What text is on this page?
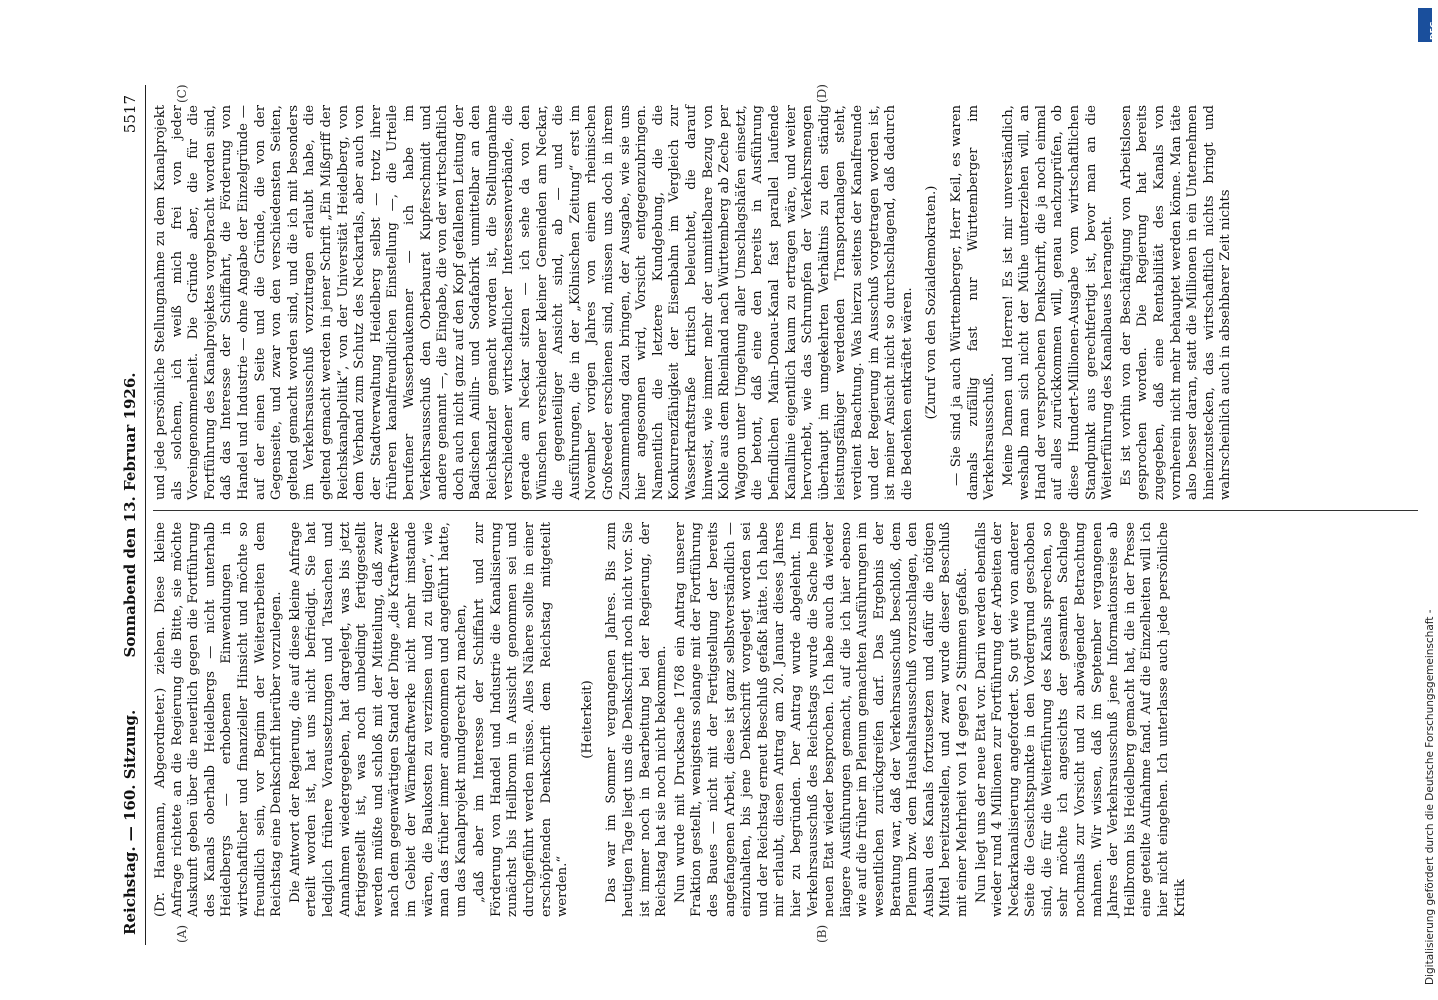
Reichstag. — 160. Sitzung.
Sonnabend den 13. Februar 1926.
5517
(A)	(B)
(C)	(D)

(Dr. Hanemann, Abgeordneter.) ziehen. Diese kleine Anfrage richtete an die Regierung die Bitte, sie möchte Auskunft geben über die neuerlich gegen die Fortführung des Kanals oberhalb Heidelbergs — nicht unterhalb Heidelbergs — erhobenen Einwendungen in wirtschaftlicher und finanzieller Hinsicht und möchte so freundlich sein, vor Beginn der Weiterarbeiten dem Reichstag eine Denkschrift hierüber vorzulegen. Die Antwort der Regierung, die auf diese kleine Anfrage erteilt worden ist, hat uns nicht befriedigt. Sie hat lediglich frühere Voraussetzungen und Tatsachen und Annahmen wiedergegeben, hat dargelegt, was bis jetzt fertiggestellt ist, was noch unbedingt fertiggestellt werden müßte und schloß mit der Mitteilung, daß zwar nach dem gegenwärtigen Stand der Dinge „die Kraftwerke im Gebiet der Wärmekraftwerke nicht mehr imstande wären, die Baukosten zu verzinsen und zu tilgen“, wie man das früher immer angenommen und angeführt hatte, um das Kanalprojekt mundgerecht zu machen, „daß aber im Interesse der Schiffahrt und zur Förderung von Handel und Industrie die Kanalisierung zunächst bis Heilbronn in Aussicht genommen sei und durchgeführt werden müsse. Alles Nähere sollte in einer erschöpfenden Denkschrift dem Reichstag mitgeteilt werden.“

(Heiterkeit) Das war im Sommer vergangenen Jahres. Bis zum heutigen Tage liegt uns die Denkschrift noch nicht vor. Sie ist immer noch in Bearbeitung bei der Regierung, der Reichstag hat sie noch nicht bekommen. Nun wurde mit Drucksache 1768 ein Antrag unserer Fraktion gestellt, wenigstens solange mit der Fortführung des Baues — nicht mit der Fertigstellung der bereits angefangenen Arbeit, diese ist ganz selbstverständlich — einzuhalten, bis jene Denkschrift vorgelegt worden sei und der Reichstag erneut Beschluß gefaßt hätte. Ich habe mir erlaubt, diesen Antrag am 20. Januar dieses Jahres hier zu begründen. Der Antrag wurde abgelehnt. Im Verkehrsausschuß des Reichstags wurde die Sache beim neuen Etat wieder besprochen. Ich habe auch da wieder längere Ausführungen gemacht, auf die ich hier ebenso wie auf die früher im Plenum gemachten Ausführungen im wesentlichen zurückgreifen darf. Das Ergebnis der Beratung war, daß der Verkehrsausschuß beschloß, dem Plenum bzw. dem Haushaltsausschuß vorzuschlagen, den Ausbau des Kanals fortzusetzen und dafür die nötigen Mittel bereitzustellen, und zwar wurde dieser Beschluß mit einer Mehrheit von 14 gegen 2 Stimmen gefaßt. Nun liegt uns der neue Etat vor. Darin werden ebenfalls wieder rund 4 Millionen zur Fortführung der Arbeiten der Neckarkanalisierung angefordert. So gut wie von anderer Seite die Gesichtspunkte in den Vordergrund geschoben sind, die für die Weiterführung des Kanals sprechen, so sehr möchte ich angesichts der gesamten Sachlage nochmals zur Vorsicht und zu abwägender Betrachtung mahnen. Wir wissen, daß im September vergangenen Jahres der Verkehrsausschuß jene Informationsreise ab Heilbronn bis Heidelberg gemacht hat, die in der Presse eine geteilte Aufnahme fand. Auf die Einzelheiten will ich hier nicht eingehen. Ich unterlasse auch jede persönliche Kritik

und jede persönliche Stellungnahme zu dem Kanalprojekt als solchem, ich weiß mich frei von jeder Voreingenommenheit. Die Gründe aber, die für die Fortführung des Kanalprojektes vorgebracht worden sind, daß das Interesse der Schiffahrt, die Förderung von Handel und Industrie — ohne Angabe der Einzelgründe — auf der einen Seite und die Gründe, die von der Gegenseite, und zwar von den verschiedensten Seiten, geltend gemacht worden sind, und die ich mit besonders im Verkehrsausschuß vorzutragen erlaubt habe, die geltend gemacht werden in jener Schrift „Ein Mißgriff der Reichskanalpolitik“, von der Universität Heidelberg, von dem Verband zum Schutz des Neckartals, aber auch von der Stadtverwaltung Heidelberg selbst — trotz ihrer früheren kanalfreundlichen Einstellung —, die Urteile berufener Wasserbaukenner — ich habe im Verkehrsausschuß den Oberbaurat Kupferschmidt und andere genannt —, die Eingabe, die von der wirtschaftlich doch auch nicht ganz auf den Kopf gefallenen Leitung der Badischen Anilin- und Sodafabrik unmittelbar an den Reichskanzler gemacht worden ist, die Stellungnahme verschiedener wirtschaftlicher Interessenverbände, die gerade am Neckar sitzen — ich sehe da von den Wünschen verschiedener kleiner Gemeinden am Neckar, die gegenteiliger Ansicht sind, ab — und die Ausführungen, die in der „Kölnischen Zeitung“ erst im November vorigen Jahres von einem rheinischen Großreeder erschienen sind, müssen uns doch in ihrem Zusammenhang dazu bringen, der Ausgabe, wie sie uns hier angesonnen wird, Vorsicht entgegenzubringen. Namentlich die letztere Kundgebung, die die Konkurrenzfähigkeit der Eisenbahn im Vergleich zur Wasserkraftstraße kritisch beleuchtet, die darauf hinweist, wie immer mehr der unmittelbare Bezug von Kohle aus dem Rheinland nach Württemberg ab Zeche per Waggon unter Umgehung aller Umschlagshäfen einsetzt, die betont, daß eine den bereits in Ausführung befindlichen Main-Donau-Kanal fast parallel laufende Kanallinie eigentlich kaum zu ertragen wäre, und weiter hervorhebt, wie das Schrumpfen der Verkehrsmengen überhaupt im umgekehrten Verhältnis zu den ständig leistungsfähiger werdenden Transportanlagen steht, verdient Beachtung. Was hierzu seitens der Kanalfreunde und der Regierung im Ausschuß vorgetragen worden ist, ist meiner Ansicht nicht so durchschlagend, daß dadurch die Bedenken entkräftet wären. (Zuruf von den Sozialdemokraten.) — Sie sind ja auch Württemberger, Herr Keil, es waren damals zufällig fast nur Württemberger im Verkehrsausschuß. Meine Damen und Herren! Es ist mir unverständlich, weshalb man sich nicht der Mühe unterziehen will, an Hand der versprochenen Denkschrift, die ja noch einmal auf alles zurückkommen will, genau nachzuprüfen, ob diese Hundert-Millionen-Ausgabe vom wirtschaftlichen Standpunkt aus gerechtfertigt ist, bevor man an die Weiterführung des Kanalbaues herangeht. Es ist vorhin von der Beschäftigung von Arbeitslosen gesprochen worden. Die Regierung hat bereits zugegeben, daß eine Rentabilität des Kanals von vornherein nicht mehr behauptet werden könne. Man täte also besser daran, statt die Millionen in ein Unternehmen hineinzustecken, das wirtschaftlich nichts bringt und wahrscheinlich auch in absehbarer Zeit nichts

Digitalisierung gefördert durch die Deutsche Forschungsgemeinschaft -
DFG
